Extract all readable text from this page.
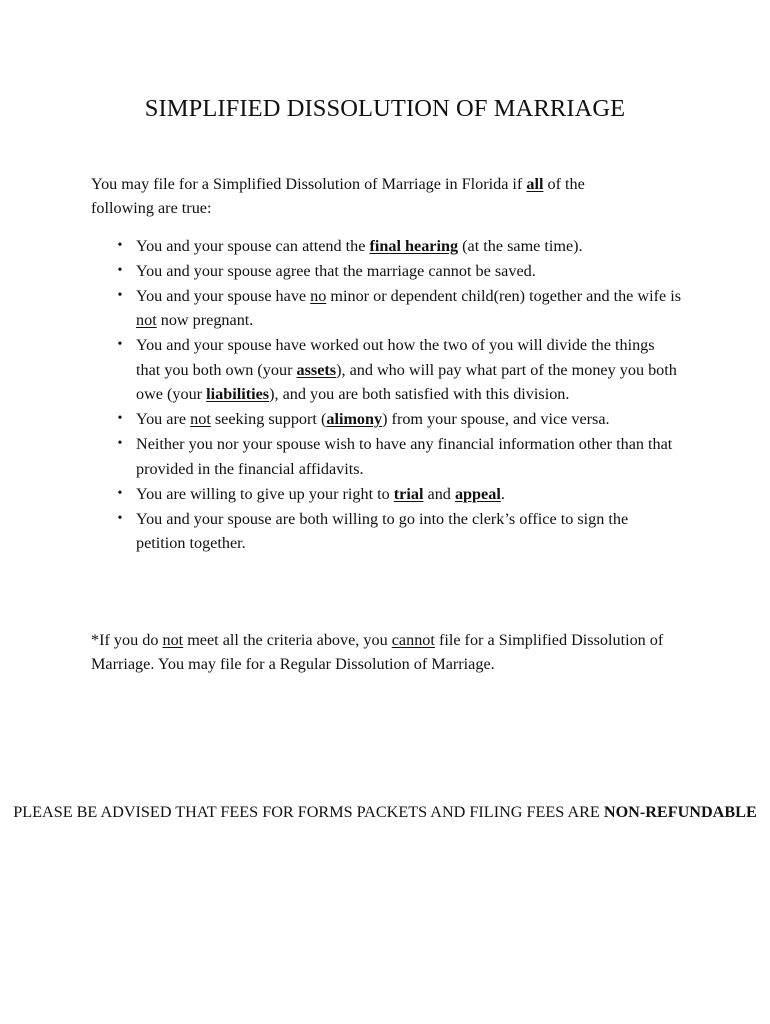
SIMPLIFIED DISSOLUTION OF MARRIAGE
You may file for a Simplified Dissolution of Marriage in Florida if all of the following are true:
• You and your spouse can attend the final hearing (at the same time).
• You and your spouse agree that the marriage cannot be saved.
• You and your spouse have no minor or dependent child(ren) together and the wife is not now pregnant.
• You and your spouse have worked out how the two of you will divide the things that you both own (your assets), and who will pay what part of the money you both owe (your liabilities), and you are both satisfied with this division.
• You are not seeking support (alimony) from your spouse, and vice versa.
• Neither you nor your spouse wish to have any financial information other than that provided in the financial affidavits.
• You are willing to give up your right to trial and appeal.
• You and your spouse are both willing to go into the clerk’s office to sign the petition together.
*If you do not meet all the criteria above, you cannot file for a Simplified Dissolution of Marriage. You may file for a Regular Dissolution of Marriage.
PLEASE BE ADVISED THAT FEES FOR FORMS PACKETS AND FILING FEES ARE NON-REFUNDABLE
